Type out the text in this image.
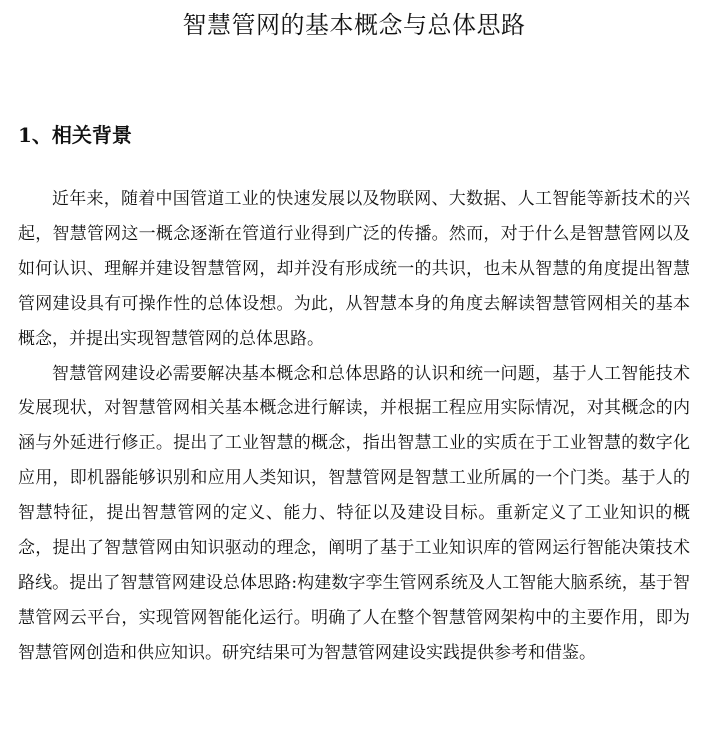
智慧管网的基本概念与总体思路
1、相关背景

近年来，随着中国管道工业的快速发展以及物联网、大数据、人工智能等新技术的兴起，智慧管网这一概念逐渐在管道行业得到广泛的传播。然而，对于什么是智慧管网以及如何认识、理解并建设智慧管网，却并没有形成统一的共识，也未从智慧的角度提出智慧管网建设具有可操作性的总体设想。为此，从智慧本身的角度去解读智慧管网相关的基本概念，并提出实现智慧管网的总体思路。

智慧管网建设必需要解决基本概念和总体思路的认识和统一问题，基于人工智能技术发展现状，对智慧管网相关基本概念进行解读，并根据工程应用实际情况，对其概念的内涵与外延进行修正。提出了工业智慧的概念，指出智慧工业的实质在于工业智慧的数字化应用，即机器能够识别和应用人类知识，智慧管网是智慧工业所属的一个门类。基于人的智慧特征，提出智慧管网的定义、能力、特征以及建设目标。重新定义了工业知识的概念，提出了智慧管网由知识驱动的理念，阐明了基于工业知识库的管网运行智能决策技术路线。提出了智慧管网建设总体思路:构建数字孪生管网系统及人工智能大脑系统，基于智慧管网云平台，实现管网智能化运行。明确了人在整个智慧管网架构中的主要作用，即为智慧管网创造和供应知识。研究结果可为智慧管网建设实践提供参考和借鉴。
